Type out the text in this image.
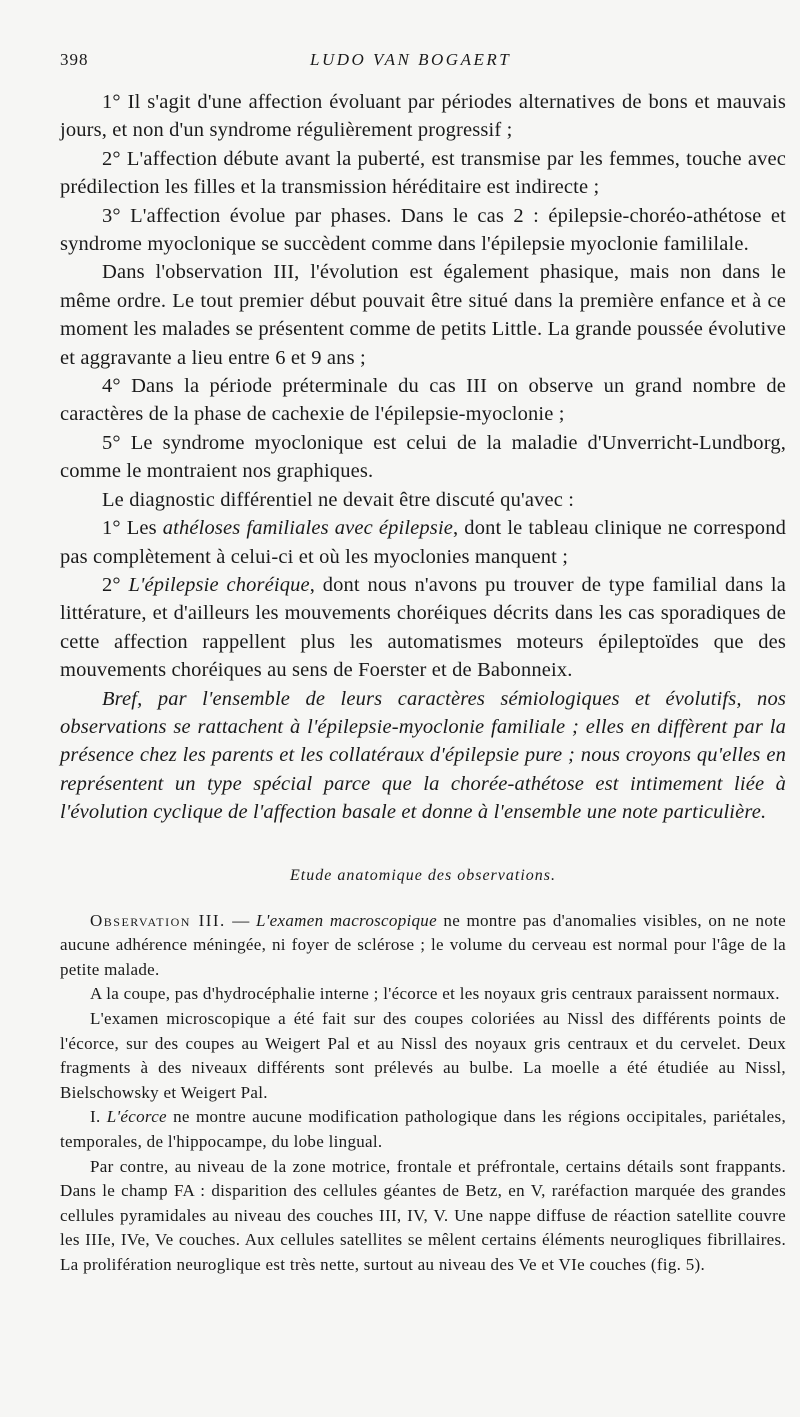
398	LUDO VAN BOGAERT

1° Il s'agit d'une affection évoluant par périodes alternatives de bons et mauvais jours, et non d'un syndrome régulièrement progressif ;

2° L'affection débute avant la puberté, est transmise par les femmes, touche avec prédilection les filles et la transmission héréditaire est indirecte ;

3° L'affection évolue par phases. Dans le cas 2 : épilepsie-choréo-athétose et syndrome myoclonique se succèdent comme dans l'épilepsie myoclonie famililale.

Dans l'observation III, l'évolution est également phasique, mais non dans le même ordre. Le tout premier début pouvait être situé dans la première enfance et à ce moment les malades se présentent comme de petits Little. La grande poussée évolutive et aggravante a lieu entre 6 et 9 ans ;

4° Dans la période préterminale du cas III on observe un grand nombre de caractères de la phase de cachexie de l'épilepsie-myoclonie ;

5° Le syndrome myoclonique est celui de la maladie d'Unverricht-Lundborg, comme le montraient nos graphiques.

Le diagnostic différentiel ne devait être discuté qu'avec :

1° Les athéloses familiales avec épilepsie, dont le tableau clinique ne correspond pas complètement à celui-ci et où les myoclonies manquent ;

2° L'épilepsie choréique, dont nous n'avons pu trouver de type familial dans la littérature, et d'ailleurs les mouvements choréiques décrits dans les cas sporadiques de cette affection rappellent plus les automatismes moteurs épileptoïdes que des mouvements choréiques au sens de Foerster et de Babonneix.

Bref, par l'ensemble de leurs caractères sémiologiques et évolutifs, nos observations se rattachent à l'épilepsie-myoclonie familiale ; elles en diffèrent par la présence chez les parents et les collatéraux d'épilepsie pure ; nous croyons qu'elles en représentent un type spécial parce que la chorée-athétose est intimement liée à l'évolution cyclique de l'affection basale et donne à l'ensemble une note particulière.

Etude anatomique des observations.

Observation III. — L'examen macroscopique ne montre pas d'anomalies visibles, on ne note aucune adhérence méningée, ni foyer de sclérose ; le volume du cerveau est normal pour l'âge de la petite malade.

A la coupe, pas d'hydrocéphalie interne ; l'écorce et les noyaux gris centraux paraissent normaux.

L'examen microscopique a été fait sur des coupes coloriées au Nissl des différents points de l'écorce, sur des coupes au Weigert Pal et au Nissl des noyaux gris centraux et du cervelet. Deux fragments à des niveaux différents sont prélevés au bulbe. La moelle a été étudiée au Nissl, Bielschowsky et Weigert Pal.

I. L'écorce ne montre aucune modification pathologique dans les régions occipitales, pariétales, temporales, de l'hippocampe, du lobe lingual.

Par contre, au niveau de la zone motrice, frontale et préfrontale, certains détails sont frappants. Dans le champ FA : disparition des cellules géantes de Betz, en V, raréfaction marquée des grandes cellules pyramidales au niveau des couches III, IV, V. Une nappe diffuse de réaction satellite couvre les IIIe, IVe, Ve couches. Aux cellules satellites se mêlent certains éléments neurogliques fibrillaires. La prolifération neuroglique est très nette, surtout au niveau des Ve et VIe couches (fig. 5).
